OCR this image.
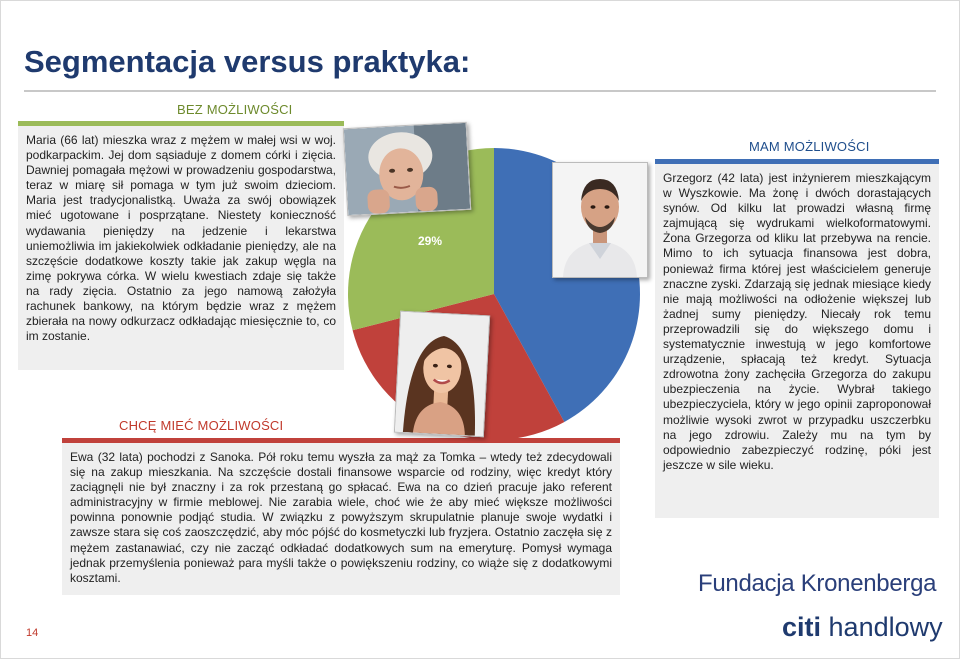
Segmentacja versus praktyka:
29%
BEZ MOŻLIWOŚCI
Maria (66 lat) mieszka wraz z mężem w małej wsi w woj. podkarpackim. Jej dom sąsiaduje z domem córki i zięcia. Dawniej pomagała mężowi w prowadzeniu gospodarstwa, teraz w miarę sił pomaga w tym już swoim dzieciom. Maria jest tradycjonalistką. Uważa za swój obowiązek mieć ugotowane i posprzątane. Niestety konieczność wydawania pieniędzy na jedzenie i lekarstwa uniemożliwia im jakiekolwiek odkładanie pieniędzy, ale na szczęście dodatkowe koszty takie jak zakup węgla na zimę pokrywa córka. W wielu kwestiach zdaje się także na rady zięcia. Ostatnio za jego namową założyła rachunek bankowy, na którym będzie wraz z mężem zbierała na nowy odkurzacz odkładając miesięcznie to, co im zostanie.
MAM MOŻLIWOŚCI
Grzegorz (42 lata) jest inżynierem mieszkającym w Wyszkowie. Ma żonę i dwóch dorastających synów. Od kilku lat prowadzi własną firmę zajmującą się wydrukami wielkoformatowymi. Żona Grzegorza od kliku lat przebywa na rencie. Mimo to ich sytuacja finansowa jest dobra, ponieważ firma której jest właścicielem generuje znaczne zyski. Zdarzają się jednak miesiące kiedy nie mają możliwości na odłożenie większej lub żadnej sumy pieniędzy. Niecały rok temu przeprowadzili się do większego domu i systematycznie inwestują w jego komfortowe urządzenie, spłacają też kredyt. Sytuacja zdrowotna żony zachęciła Grzegorza do zakupu ubezpieczenia na życie. Wybrał takiego ubezpieczyciela, który w jego opinii zaproponował możliwie wysoki zwrot w przypadku uszczerbku na jego zdrowiu. Zależy mu na tym by odpowiednio zabezpieczyć rodzinę, póki jest jeszcze w sile wieku.
CHCĘ MIEĆ MOŻLIWOŚCI
Ewa (32 lata) pochodzi z Sanoka. Pół roku temu wyszła za mąż za Tomka – wtedy też zdecydowali się na zakup mieszkania. Na szczęście dostali finansowe wsparcie od rodziny, więc kredyt który zaciągnęli nie był znaczny i za rok przestaną go spłacać. Ewa na co dzień pracuje jako referent administracyjny w firmie meblowej. Nie zarabia wiele, choć wie że aby mieć większe możliwości powinna ponownie podjąć studia. W związku z powyższym skrupulatnie planuje swoje wydatki i zawsze stara się coś zaoszczędzić, aby móc pójść do kosmetyczki lub fryzjera. Ostatnio zaczęła się z mężem zastanawiać, czy nie zacząć odkładać dodatkowych sum na emeryturę. Pomysł wymaga jednak przemyślenia ponieważ para myśli także o powiększeniu rodziny, co wiąże się z dodatkowymi kosztami.	Fundacja Kronenberga
citi handlowy
14
